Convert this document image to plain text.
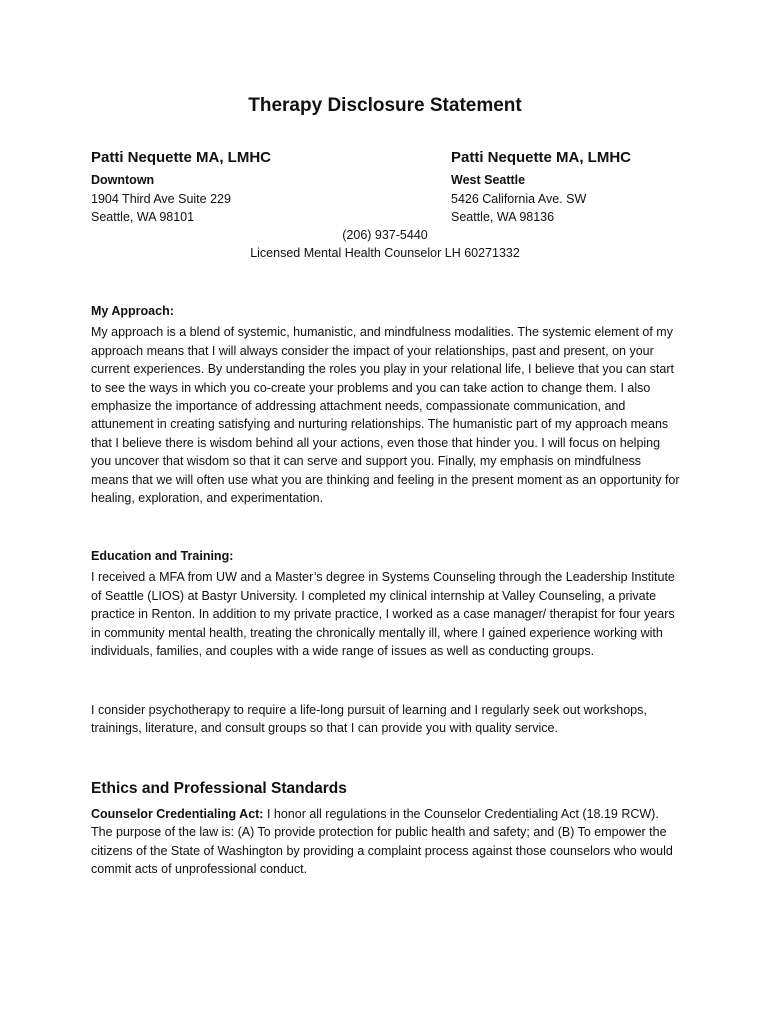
Therapy Disclosure Statement
Patti Nequette MA, LMHC
Downtown
1904 Third Ave Suite 229
Seattle, WA 98101
Patti Nequette MA, LMHC
West Seattle
5426 California Ave. SW
Seattle, WA 98136
(206) 937-5440
Licensed Mental Health Counselor LH 60271332
My Approach:

My approach is a blend of systemic, humanistic, and mindfulness modalities. The systemic element of my approach means that I will always consider the impact of your relationships, past and present, on your current experiences. By understanding the roles you play in your relational life, I believe that you can start to see the ways in which you co-create your problems and you can take action to change them. I also emphasize the importance of addressing attachment needs, compassionate communication, and attunement in creating satisfying and nurturing relationships. The humanistic part of my approach means that I believe there is wisdom behind all your actions, even those that hinder you. I will focus on helping you uncover that wisdom so that it can serve and support you. Finally, my emphasis on mindfulness means that we will often use what you are thinking and feeling in the present moment as an opportunity for healing, exploration, and experimentation.

Education and Training:

I received a MFA from UW and a Master’s degree in Systems Counseling through the Leadership Institute of Seattle (LIOS) at Bastyr University. I completed my clinical internship at Valley Counseling, a private practice in Renton. In addition to my private practice, I worked as a case manager/ therapist for four years in community mental health, treating the chronically mentally ill, where I gained experience working with individuals, families, and couples with a wide range of issues as well as conducting groups.

I consider psychotherapy to require a life-long pursuit of learning and I regularly seek out workshops, trainings, literature, and consult groups so that I can provide you with quality service.

Ethics and Professional Standards

Counselor Credentialing Act: I honor all regulations in the Counselor Credentialing Act (18.19 RCW). The purpose of the law is: (A) To provide protection for public health and safety; and (B) To empower the citizens of the State of Washington by providing a complaint process against those counselors who would commit acts of unprofessional conduct.
